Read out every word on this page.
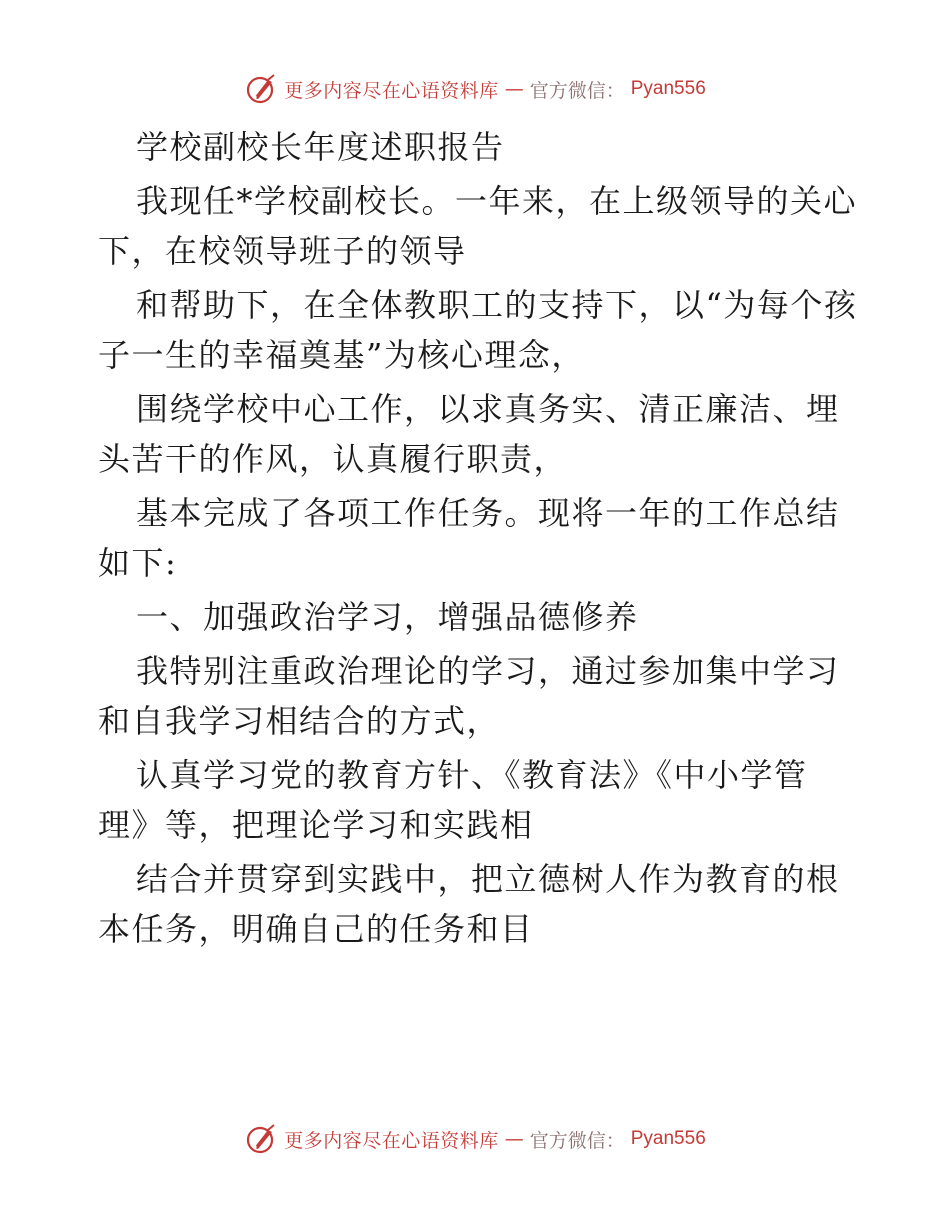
更多内容尽在心语资料库 — 官方微信： Pyan556

学校副校长年度述职报告

我现任*学校副校长。一年来，在上级领导的关心下，在校领导班子的领导

和帮助下，在全体教职工的支持下，以“为每个孩子一生的幸福奠基”为核心理念，

围绕学校中心工作，以求真务实、清正廉洁、埋头苦干的作风，认真履行职责，

基本完成了各项工作任务。现将一年的工作总结如下:

一、加强政治学习，增强品德修养

我特别注重政治理论的学习，通过参加集中学习和自我学习相结合的方式，

认真学习党的教育方针、《教育法》《中小学管理》等，把理论学习和实践相

结合并贯穿到实践中，把立德树人作为教育的根本任务，明确自己的任务和目

更多内容尽在心语资料库 — 官方微信： Pyan556
